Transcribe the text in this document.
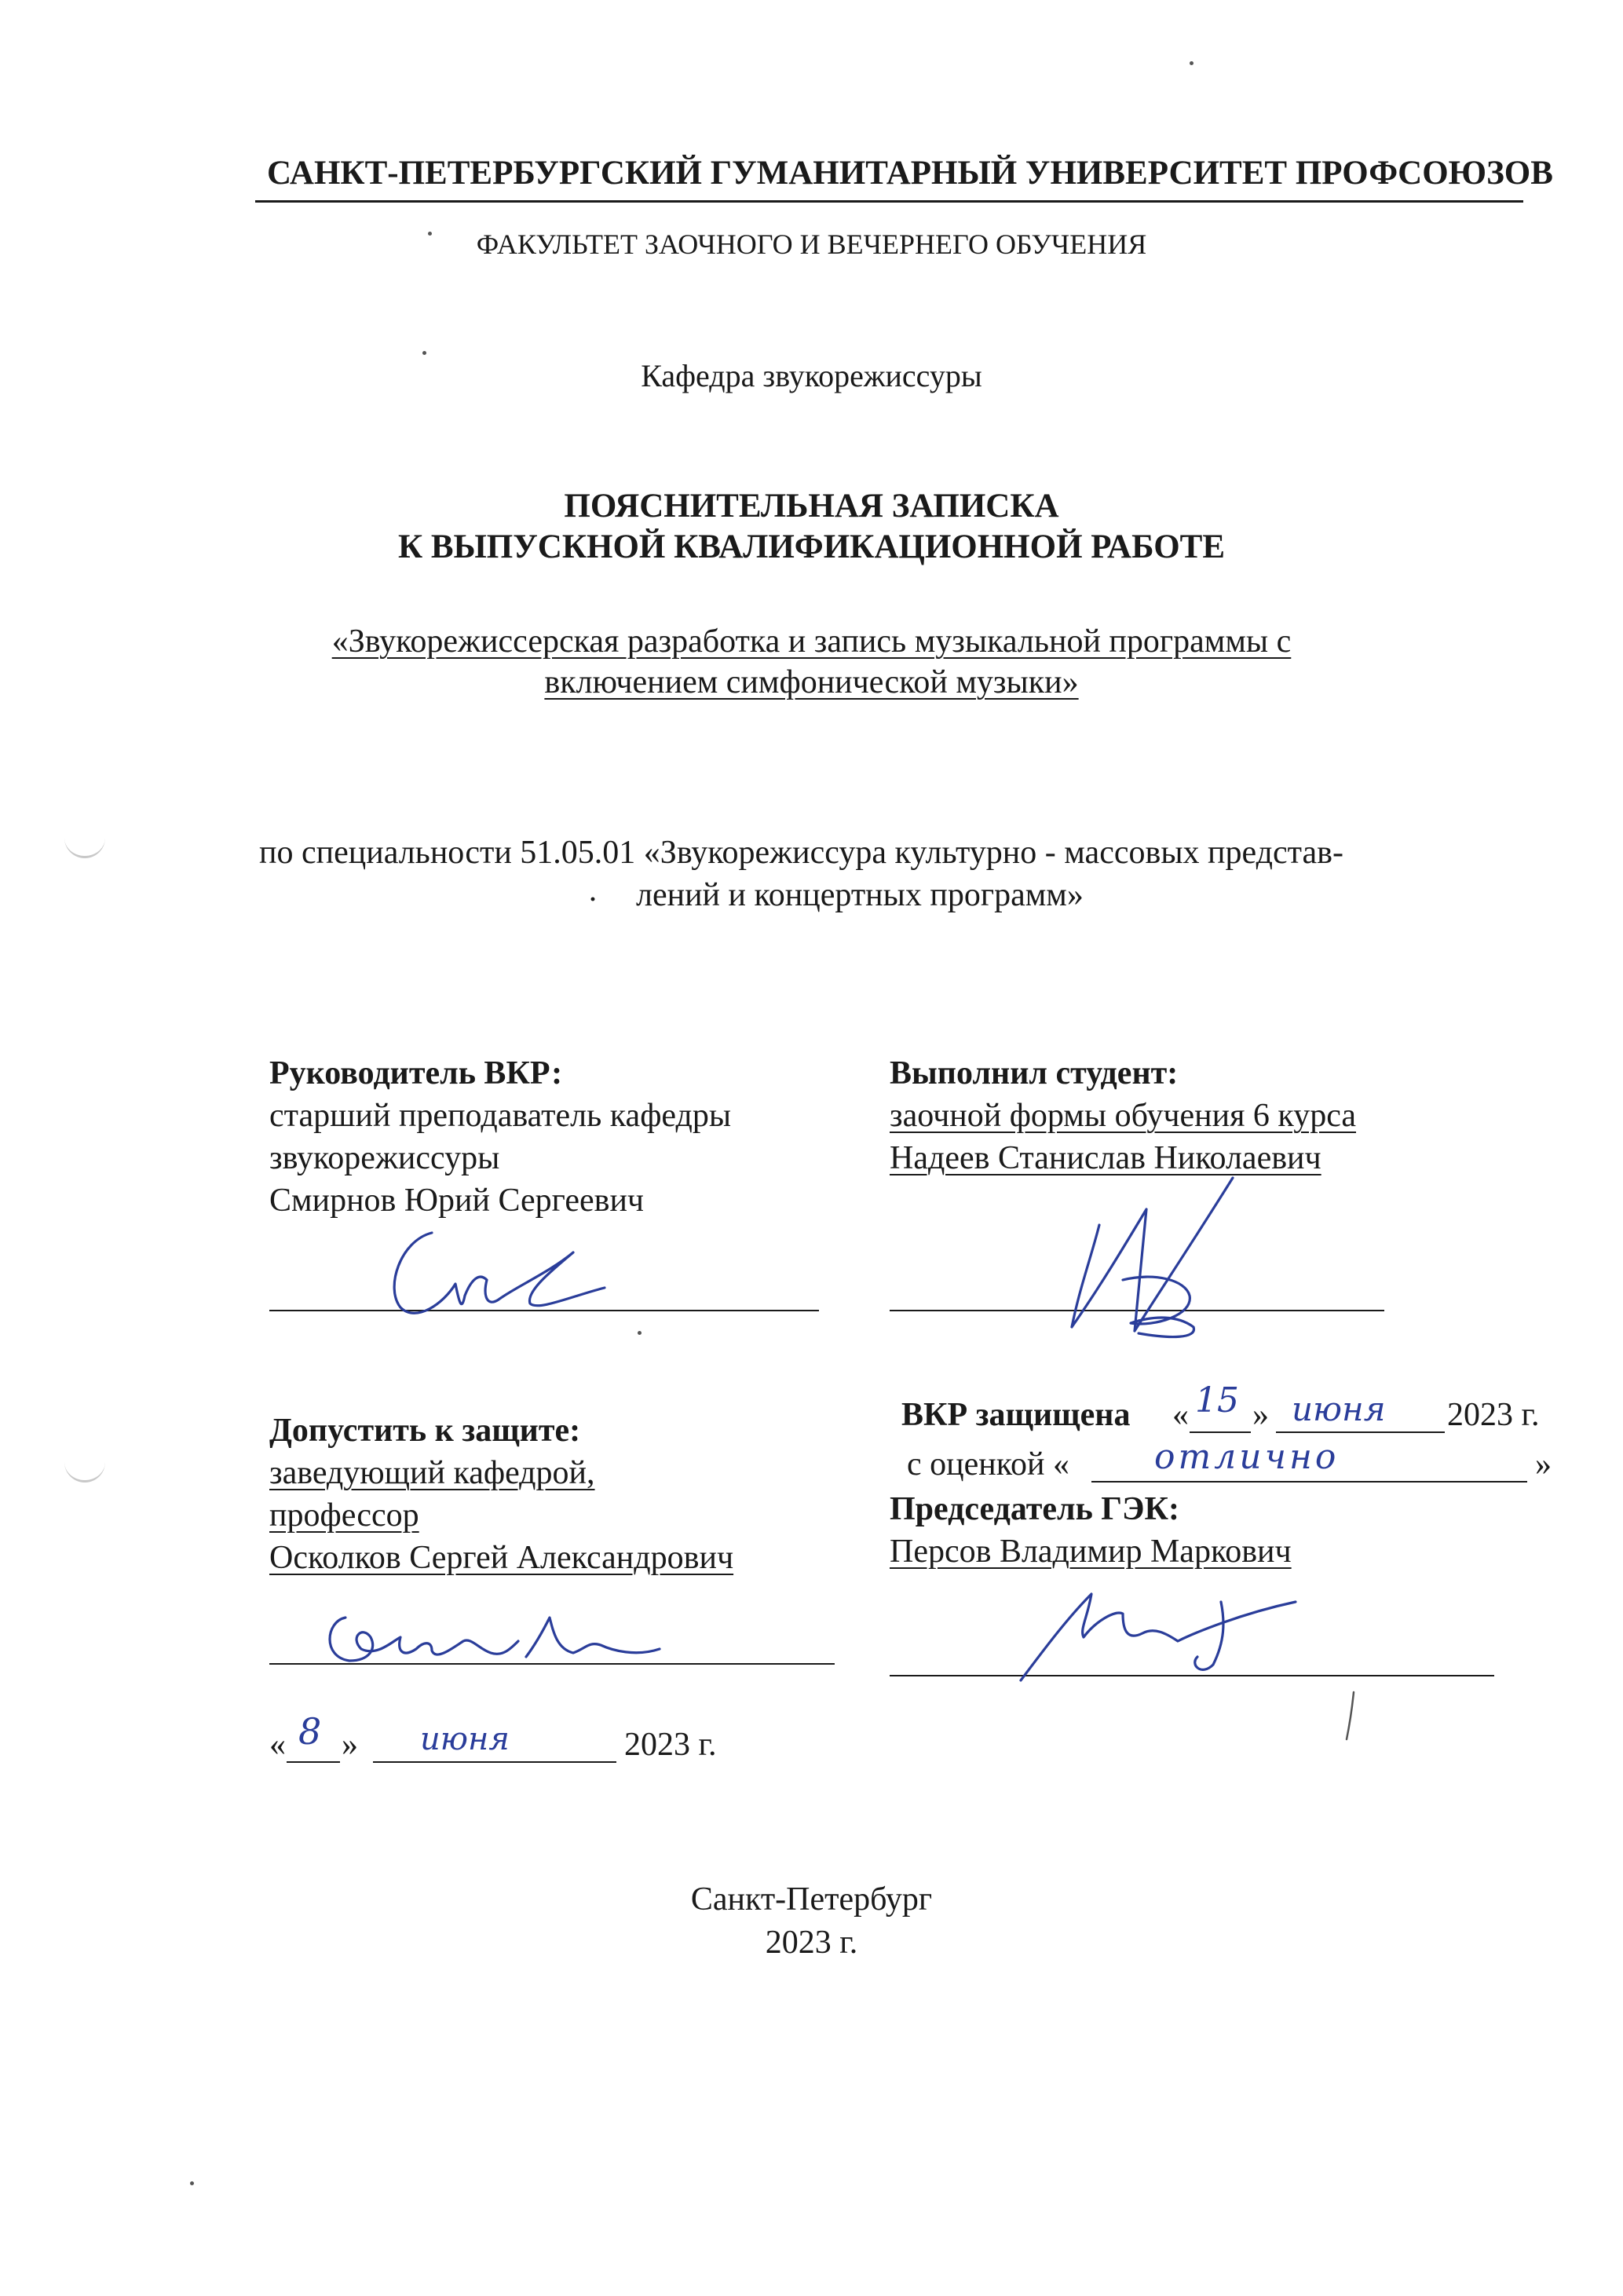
САНКТ-ПЕТЕРБУРГСКИЙ ГУМАНИТАРНЫЙ УНИВЕРСИТЕТ ПРОФСОЮЗОВ
ФАКУЛЬТЕТ ЗАОЧНОГО И ВЕЧЕРНЕГО ОБУЧЕНИЯ
Кафедра звукорежиссуры
ПОЯСНИТЕЛЬНАЯ ЗАПИСКА
К ВЫПУСКНОЙ КВАЛИФИКАЦИОННОЙ РАБОТЕ
«Звукорежиссерская разработка и запись музыкальной программы с
включением симфонической музыки»
по специальности 51.05.01 «Звукорежиссура культурно - массовых представ-
· лений и концертных программ»
Руководитель ВКР:
старший преподаватель кафедры
звукорежиссуры
Смирнов Юрий Сергеевич
Выполнил студент:
заочной формы обучения 6 курса
Надеев Станислав Николаевич
Допустить к защите:
заведующий кафедрой,
профессор
Осколков Сергей Александрович
« 8 » июня	2023 г.
ВКР защищена « 15 » июня 2023 г.
с оценкой « отлично	»
Председатель ГЭК:
Персов Владимир Маркович
Санкт-Петербург
2023 г.
